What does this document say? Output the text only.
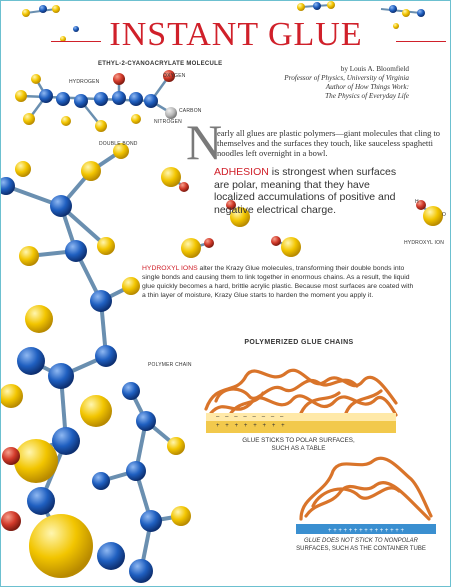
+ + + + + + + + + + + + + + +
INSTANT GLUE
ETHYL-2-CYANOACRYLATE MOLECULE
OXYGEN
HYDROGEN
CARBON
NITROGEN
DOUBLE BOND
HYDROXYL ION
O
H
POLYMER CHAIN
by Louis A. Bloomfield
Professor of Physics, University of Virginia
Author of How Things Work:
The Physics of Everyday Life
N
early all glues are plastic polymers—giant molecules that cling to themselves and the surfaces they touch, like sauceless spaghetti noodles left overnight in a bowl.
ADHESION is strongest when surfaces are polar, meaning that they have localized accumulations of positive and negative electrical charge.
HYDROXYL IONS alter the Krazy Glue molecules, transforming their double bonds into single bonds and causing them to link together in enormous chains. As a result, the liquid glue quickly becomes a hard, brittle acrylic plastic. Because most surfaces are coated with a thin layer of moisture, Krazy Glue starts to harden the moment you apply it.
POLYMERIZED GLUE CHAINS
–   –   –   –   –   –   –   –
+   +   +   +   +   +   +   +
GLUE STICKS TO POLAR SURFACES,
SUCH AS A TABLE
GLUE DOES NOT STICK TO NONPOLAR
SURFACES, SUCH AS THE CONTAINER TUBE
